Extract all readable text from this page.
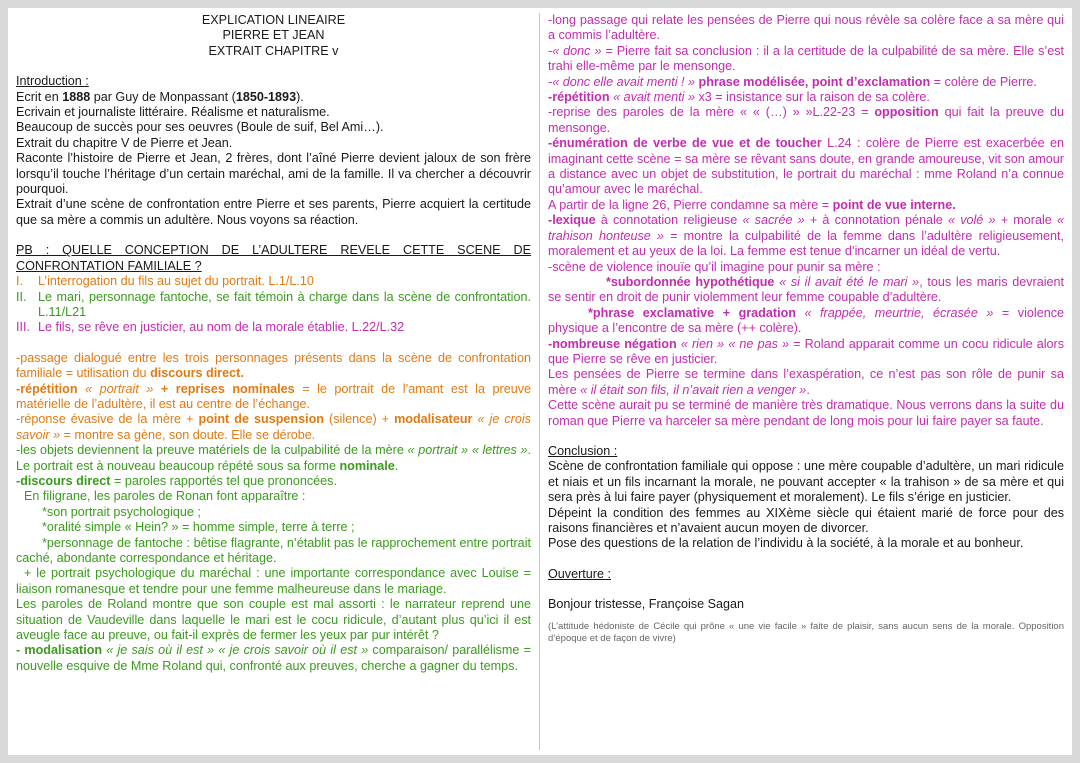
EXPLICATION LINEAIRE

PIERRE ET JEAN

EXTRAIT CHAPITRE v

Introduction :

Ecrit en 1888 par Guy de Monpassant (1850-1893).

Ecrivain et journaliste littéraire. Réalisme et naturalisme.

Beaucoup de succès pour ses oeuvres (Boule de suif, Bel Ami…).

Extrait du chapitre V de Pierre et Jean.

Raconte l’histoire de Pierre et Jean, 2 frères, dont l’aîné Pierre devient jaloux de son frère lorsqu’il touche l’héritage d’un certain maréchal, ami de la famille. Il va chercher a découvrir pourquoi.

Extrait d’une scène de confrontation entre Pierre et ses parents, Pierre acquiert la certitude que sa mère a commis un adultère. Nous voyons sa réaction.

PB : QUELLE CONCEPTION DE L’ADULTERE REVELE CETTE SCENE DE CONFRONTATION FAMILIALE ?

I.	L’interrogation du fils au sujet du portrait. L.1/L.10
II. Le mari, personnage fantoche, se fait témoin à charge dans la scène de confrontation. L.11/L21
III. Le fils, se rêve en justicier, au nom de la morale établie. L.22/L.32

-passage dialogué entre les trois personnages présents dans la scène de confrontation familiale = utilisation du discours direct.

-répétition « portrait » + reprises nominales = le portrait de l’amant est la preuve matérielle de l’adultère, il est au centre de l’échange.

-réponse évasive de la mère + point de suspension (silence) + modalisateur « je crois savoir » = montre sa gène, son doute. Elle se dérobe.

-les objets deviennent la preuve matériels de la culpabilité de la mère « portrait » « lettres ». Le portrait est à nouveau beaucoup répété sous sa forme nominale.

-discours direct = paroles rapportés tel que prononcées.

En filigrane, les paroles de Ronan font apparaître :

*son portrait psychologique ;

*oralité simple « Hein? » = homme simple, terre à terre ;

*personnage de fantoche : bêtise flagrante, n’établit pas le rapprochement entre portrait caché, abondante correspondance et héritage.

+ le portrait psychologique du maréchal : une importante correspondance avec Louise = liaison romanesque et tendre pour une femme malheureuse dans le mariage.

Les paroles de Roland montre que son couple est mal assorti : le narrateur reprend une situation de Vaudeville dans laquelle le mari est le cocu ridicule, d’autant plus qu’ici il est aveugle face au preuve, ou fait-il exprès de fermer les yeux par pur intérêt ?

- modalisation « je sais où il est » « je crois savoir où il est » comparaison/ parallélisme = nouvelle esquive de Mme Roland qui, confronté aux preuves, cherche a gagner du temps.

-long passage qui relate les pensées de Pierre qui nous révèle sa colère face a sa mère qui a commis l’adultère.

-« donc » = Pierre fait sa conclusion : il a la certitude de la culpabilité de sa mère. Elle s’est trahi elle-même par le mensonge.

-« donc elle avait menti ! » phrase modélisée, point d’exclamation = colère de Pierre.

-répétition « avait menti » x3 = insistance sur la raison de sa colère.

-reprise des paroles de la mère « « (…) » »L.22-23 = opposition qui fait la preuve du mensonge.

-énumération de verbe de vue et de toucher L.24 : colère de Pierre est exacerbée en imaginant cette scène = sa mère se rêvant sans doute, en grande amoureuse, vit son amour a distance avec un objet de substitution, le portrait du maréchal : mme Roland n’a connue qu’amour avec le maréchal.

A partir de la ligne 26, Pierre condamne sa mère = point de vue interne.

-lexique à connotation religieuse « sacrée » + à connotation pénale « volé » + morale « trahison honteuse » = montre la culpabilité de la femme dans l’adultère religieusement, moralement et au yeux de la loi. La femme est tenue d’incarner un idéal de vertu.

-scène de violence inouïe qu’il imagine pour punir sa mère :

*subordonnée hypothétique « si il avait été le mari », tous les maris devraient se sentir en droit de punir violemment leur femme coupable d’adultère.

*phrase exclamative + gradation « frappée, meurtrie, écrasée » = violence physique a l’encontre de sa mère (++ colère).

-nombreuse négation « rien » « ne pas » = Roland apparait comme un cocu ridicule alors que Pierre se rêve en justicier.

Les pensées de Pierre se termine dans l’exaspération, ce n’est pas son rôle de punir sa mère « il était son fils, il n’avait rien a venger ».

Cette scène aurait pu se terminé de manière très dramatique. Nous verrons dans la suite du roman que Pierre va harceler sa mère pendant de long mois pour lui faire payer sa faute.

Conclusion :

Scène de confrontation familiale qui oppose : une mère coupable d’adultère, un mari ridicule et niais et un fils incarnant la morale, ne pouvant accepter « la trahison » de sa mère et qui sera près à lui faire payer (physiquement et moralement). Le fils s’érige en justicier.

Dépeint la condition des femmes au XIXème siècle qui étaient marié de force pour des raisons financières et n’avaient aucun moyen de divorcer.

Pose des questions de la relation de l’individu à la société, à la morale et au bonheur.

Ouverture :

Bonjour tristesse, Françoise Sagan

(L’attitude hédoniste de Cécile qui prône « une vie facile » faite de plaisir, sans aucun sens de la morale. Opposition d’époque et de façon de vivre)
